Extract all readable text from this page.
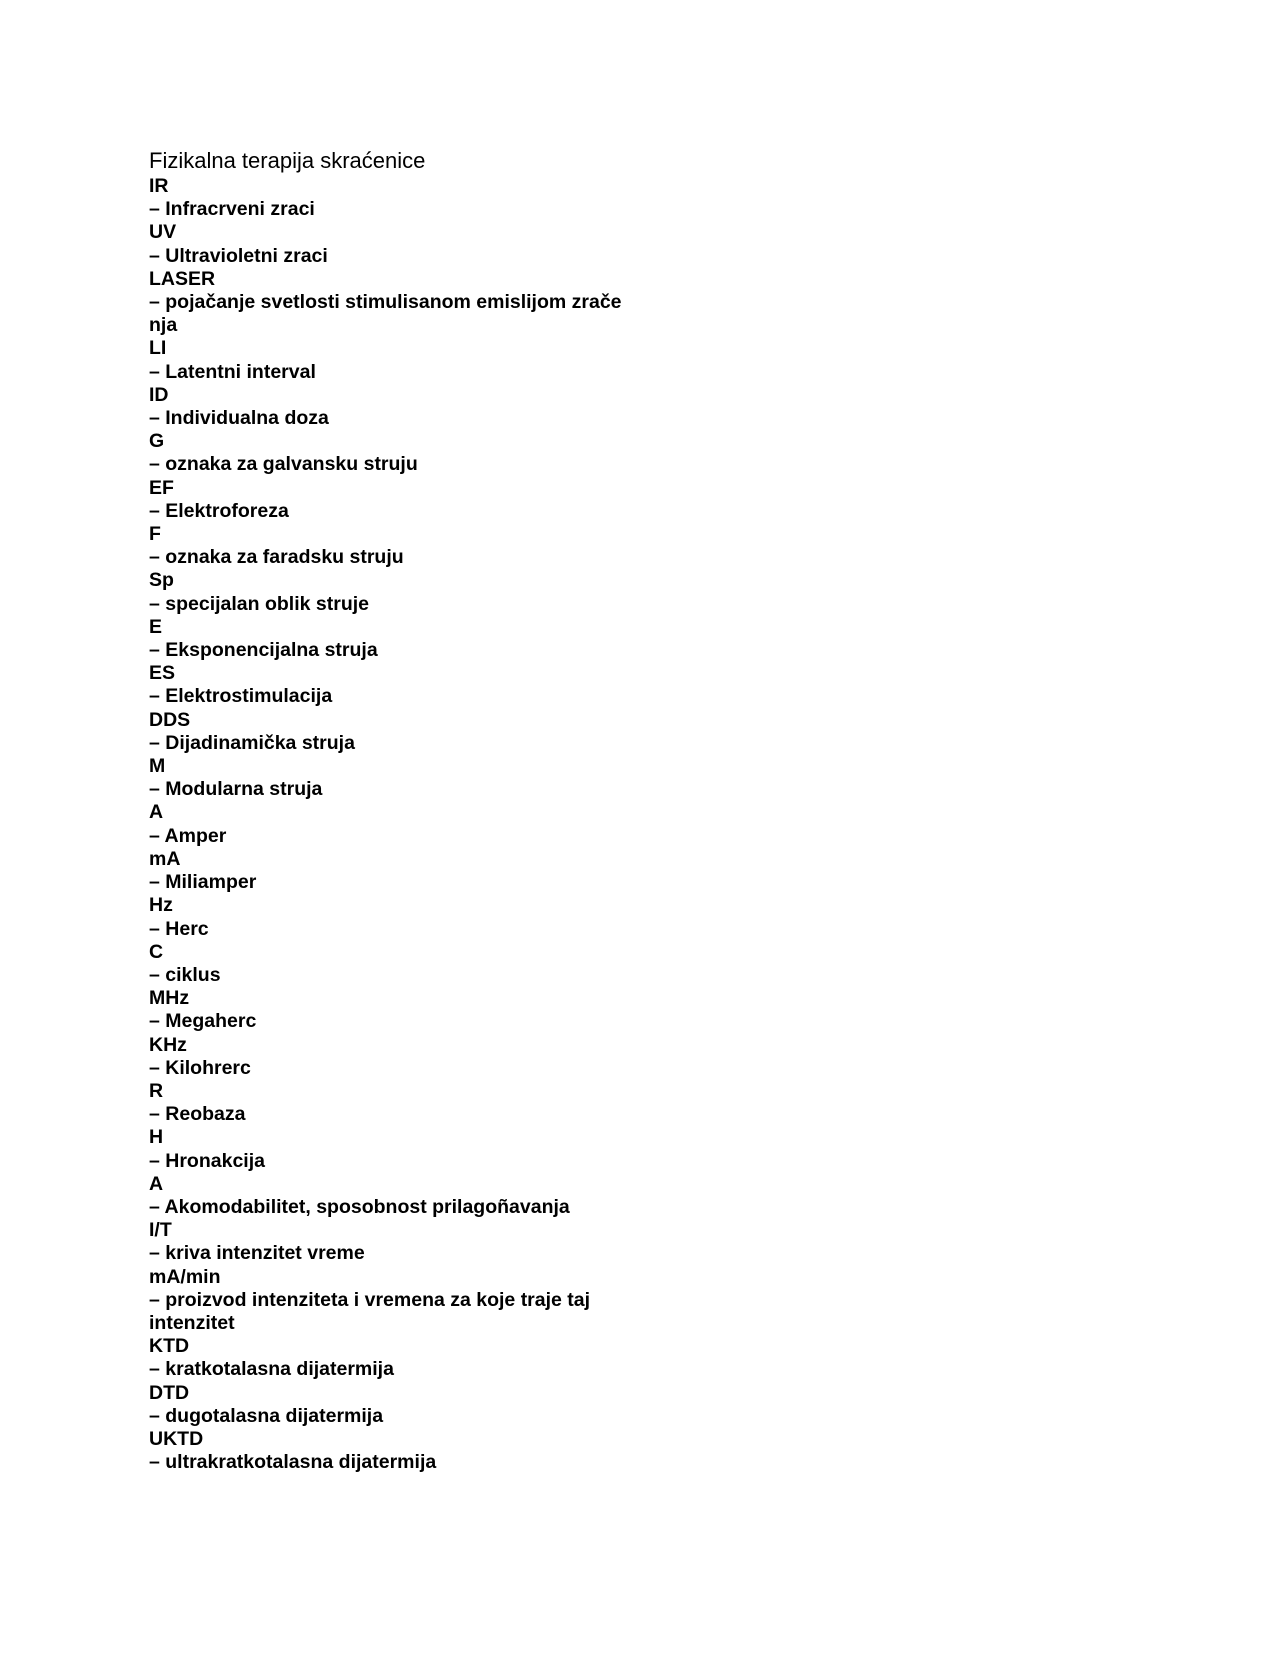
Fizikalna terapija skraćenice
IR
– Infracrveni zraci
UV
– Ultravioletni zraci
LASER
– pojačanje svetlosti stimulisanom emislijom zrače
nja
LI
– Latentni interval
ID
– Individualna doza
G
– oznaka za galvansku struju
EF
– Elektroforeza
F
– oznaka za faradsku struju
Sp
– specijalan oblik struje
E
– Eksponencijalna struja
ES
– Elektrostimulacija
DDS
– Dijadinamička struja
M
– Modularna struja
A
– Amper
mA
– Miliamper
Hz
– Herc
C
– ciklus
MHz
– Megaherc
KHz
– Kilohrerc
R
– Reobaza
H
– Hronakcija
A
– Akomodabilitet, sposobnost prilagoñavanja
I/T
– kriva intenzitet vreme
mA/min
– proizvod intenziteta i vremena za koje traje taj
intenzitet
KTD
– kratkotalasna dijatermija
DTD
– dugotalasna dijatermija
UKTD
– ultrakratkotalasna dijatermija
